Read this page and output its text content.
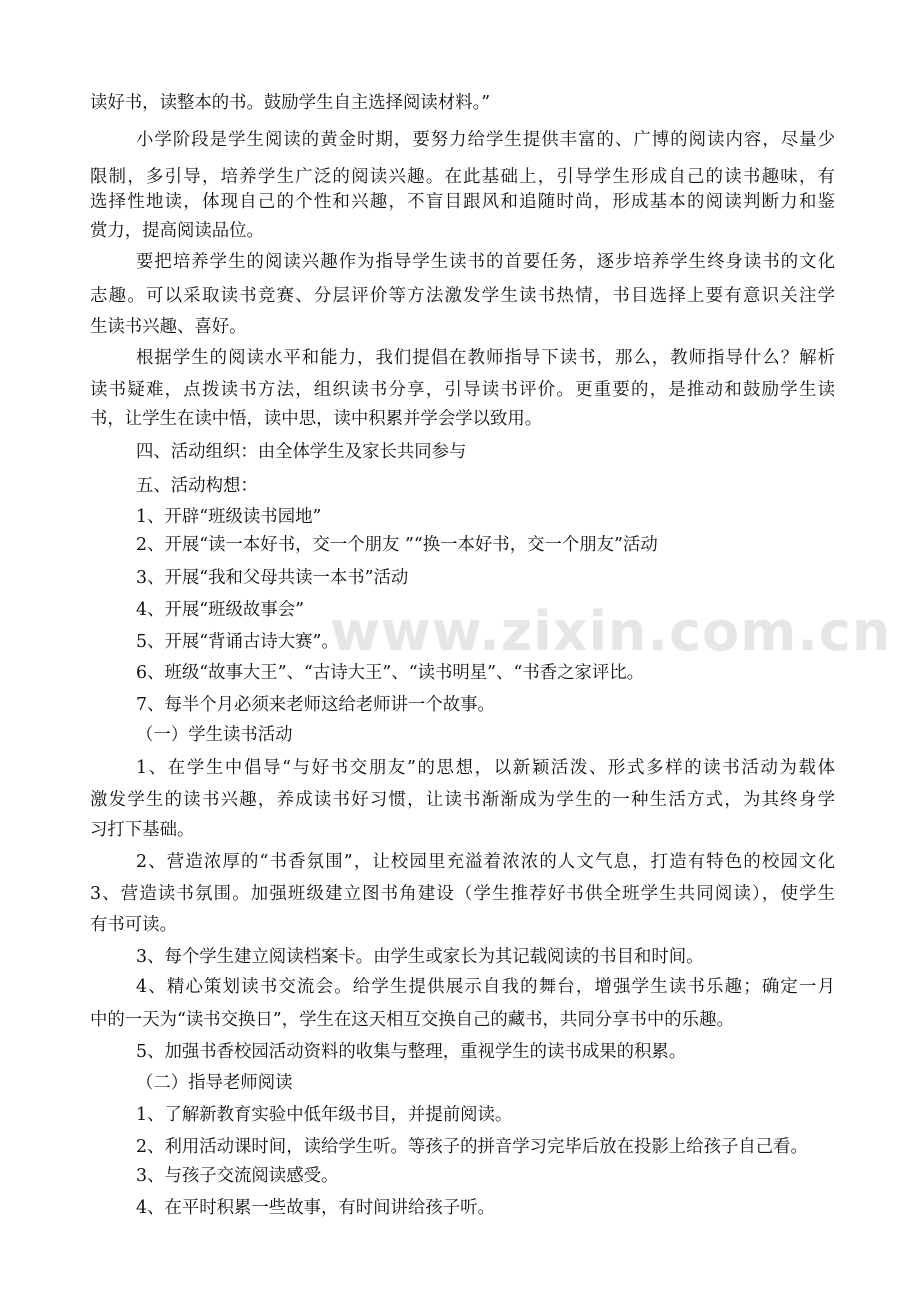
www.zixin.com.cn
读好书，读整本的书。鼓励学生自主选择阅读材料。”
小学阶段是学生阅读的黄金时期，要努力给学生提供丰富的、广博的阅读内容，尽量少
限制，多引导，培养学生广泛的阅读兴趣。在此基础上，引导学生形成自己的读书趣味，有
选择性地读，体现自己的个性和兴趣，不盲目跟风和追随时尚，形成基本的阅读判断力和鉴
赏力，提高阅读品位。
要把培养学生的阅读兴趣作为指导学生读书的首要任务，逐步培养学生终身读书的文化
志趣。可以采取读书竞赛、分层评价等方法激发学生读书热情，书目选择上要有意识关注学
生读书兴趣、喜好。
根据学生的阅读水平和能力，我们提倡在教师指导下读书，那么，教师指导什么？解析
读书疑难，点拨读书方法，组织读书分享，引导读书评价。更重要的，是推动和鼓励学生读
书，让学生在读中悟，读中思，读中积累并学会学以致用。
四、活动组织：由全体学生及家长共同参与
五、活动构想：
1、开辟“班级读书园地”
2、开展“读一本好书，交一个朋友 ”“换一本好书，交一个朋友”活动
3、开展“我和父母共读一本书”活动
4、开展“班级故事会”
5、开展“背诵古诗大赛”。
6、班级“故事大王”、“古诗大王”、“读书明星”、“书香之家评比。
7、每半个月必须来老师这给老师讲一个故事。
（一）学生读书活动
1、在学生中倡导“与好书交朋友”的思想，以新颖活泼、形式多样的读书活动为载体
激发学生的读书兴趣，养成读书好习惯，让读书渐渐成为学生的一种生活方式，为其终身学
习打下基础。
2、营造浓厚的“书香氛围”，让校园里充溢着浓浓的人文气息，打造有特色的校园文化
3、营造读书氛围。加强班级建立图书角建设（学生推荐好书供全班学生共同阅读），使学生
有书可读。
3、每个学生建立阅读档案卡。由学生或家长为其记载阅读的书目和时间。
4、精心策划读书交流会。给学生提供展示自我的舞台，增强学生读书乐趣；确定一月
中的一天为“读书交换日”，学生在这天相互交换自己的藏书，共同分享书中的乐趣。
5、加强书香校园活动资料的收集与整理，重视学生的读书成果的积累。
（二）指导老师阅读
1、了解新教育实验中低年级书目，并提前阅读。
2、利用活动课时间，读给学生听。等孩子的拼音学习完毕后放在投影上给孩子自己看。
3、与孩子交流阅读感受。
4、在平时积累一些故事，有时间讲给孩子听。
